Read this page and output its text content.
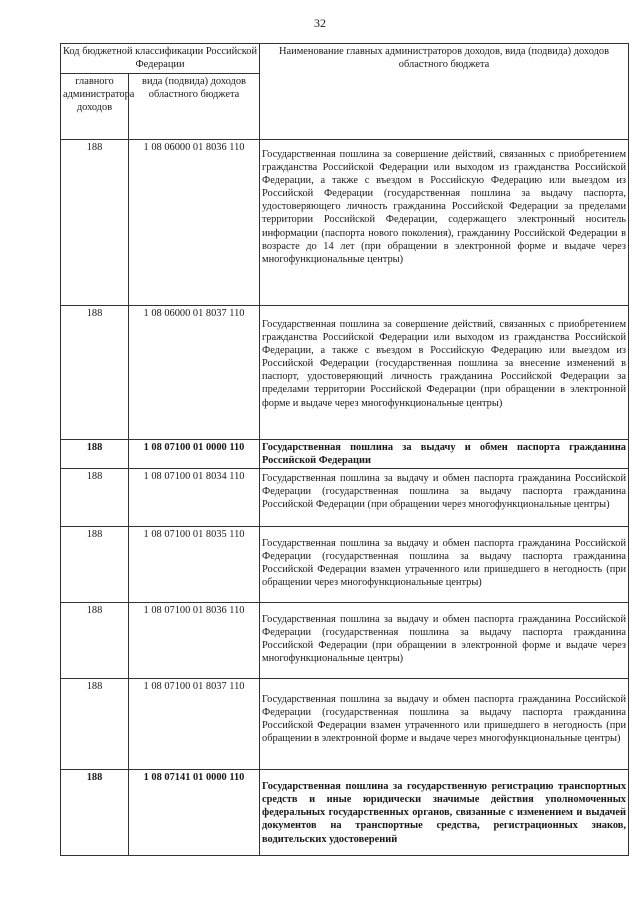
32
Код бюджетной классификации Российской Федерации		Наименование главных администраторов доходов, вида (подвида) доходов областного бюджета
главного администратора доходов	вида (подвида) доходов областного бюджета	
188	1 08 06000 01 8036 110	Государственная пошлина за совершение действий, связанных с приобретением гражданства Российской Федерации или выходом из гражданства Российской Федерации, а также с въездом в Российскую Федерацию или выездом из Российской Федерации (государственная пошлина за выдачу паспорта, удостоверяющего личность гражданина Российской Федерации за пределами территории Российской Федерации, содержащего электронный носитель информации (паспорта нового поколения), гражданину Российской Федерации в возрасте до 14 лет (при обращении в электронной форме и выдаче через многофункциональные центры)
188	1 08 06000 01 8037 110	Государственная пошлина за совершение действий, связанных с приобретением гражданства Российской Федерации или выходом из гражданства Российской Федерации, а также с въездом в Российскую Федерацию или выездом из Российской Федерации (государственная пошлина за внесение изменений в паспорт, удостоверяющий личность гражданина Российской Федерации за пределами территории Российской Федерации (при обращении в электронной форме и выдаче через многофункциональные центры)
188	1 08 07100 01 0000 110	Государственная пошлина за выдачу и обмен паспорта гражданина Российской Федерации
188	1 08 07100 01 8034 110	Государственная пошлина за выдачу и обмен паспорта гражданина Российской Федерации (государственная пошлина за выдачу паспорта гражданина Российской Федерации (при обращении через многофункциональные центры)
188	1 08 07100 01 8035 110	Государственная пошлина за выдачу и обмен паспорта гражданина Российской Федерации (государственная пошлина за выдачу паспорта гражданина Российской Федерации взамен утраченного или пришедшего в негодность (при обращении через многофункциональные центры)
188	1 08 07100 01 8036 110	Государственная пошлина за выдачу и обмен паспорта гражданина Российской Федерации (государственная пошлина за выдачу паспорта гражданина Российской Федерации (при обращении в электронной форме и выдаче через многофункциональные центры)
188	1 08 07100 01 8037 110	Государственная пошлина за выдачу и обмен паспорта гражданина Российской Федерации (государственная пошлина за выдачу паспорта гражданина Российской Федерации взамен утраченного или пришедшего в негодность (при обращении в электронной форме и выдаче через многофункциональные центры)
188	1 08 07141 01 0000 110	Государственная пошлина за государственную регистрацию транспортных средств и иные юридически значимые действия уполномоченных федеральных государственных органов, связанные с изменением и выдачей документов на транспортные средства, регистрационных знаков, водительских удостоверений
